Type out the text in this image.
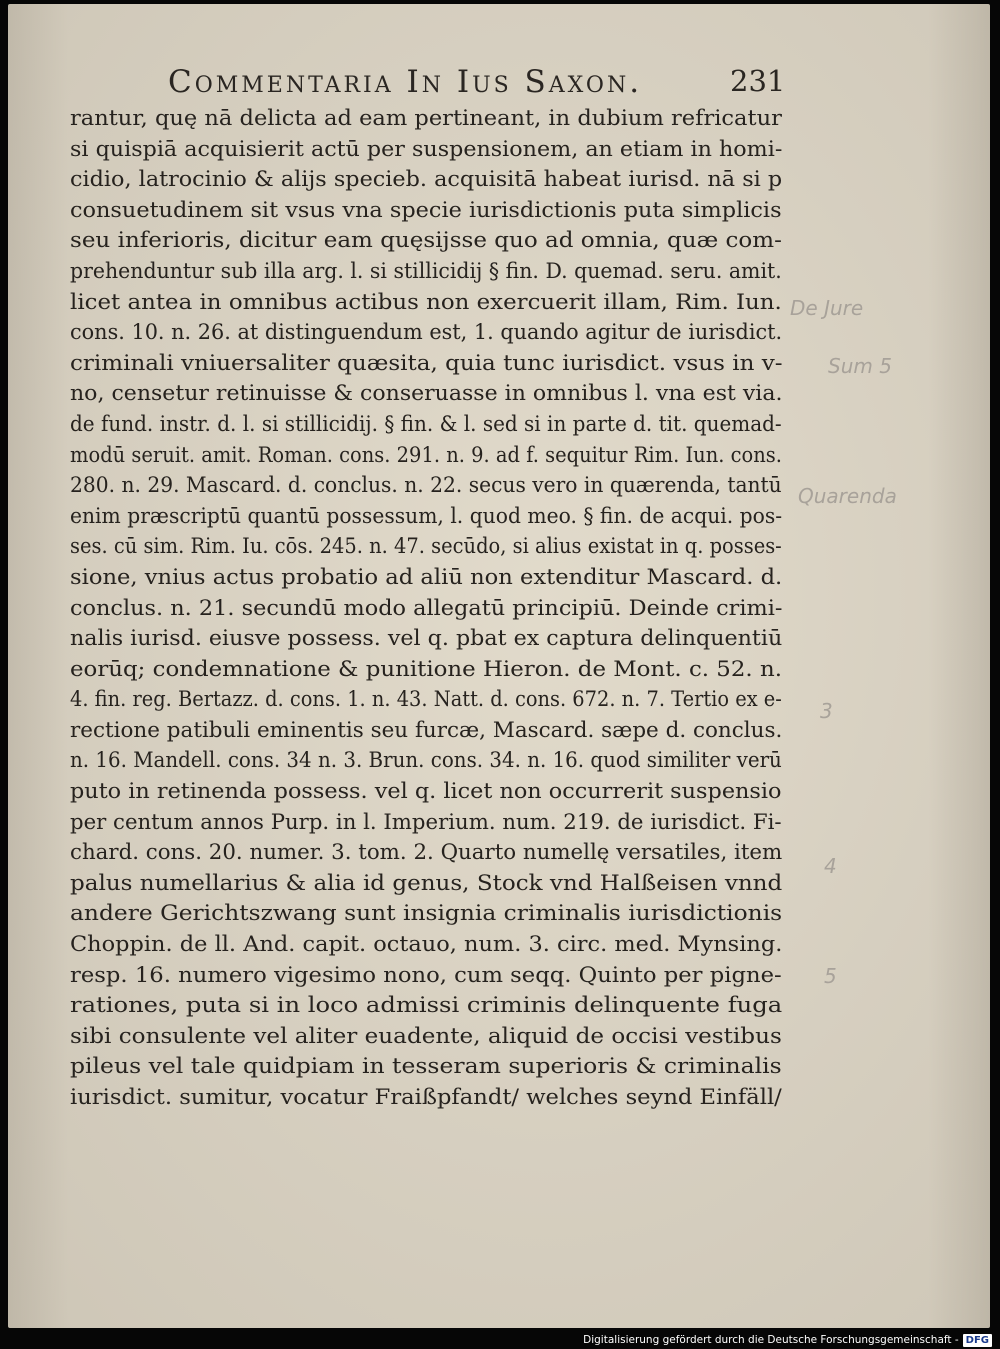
Commentaria In Ius Saxon.	231
rantur, quę nā delicta ad eam pertineant, in dubium refricatur
si quispiā acquisierit actū per suspensionem, an etiam in homi-
cidio, latrocinio & alijs specieb. acquisitā habeat iurisd. nā si p
consuetudinem sit vsus vna specie iurisdictionis puta simplicis
seu inferioris, dicitur eam quęsijsse quo ad omnia, quæ com-
prehenduntur sub illa arg. l. si stillicidij § fin. D. quemad. seru. amit.
licet antea in omnibus actibus non exercuerit illam, Rim. Iun.
cons. 10. n. 26. at distinguendum est, 1. quando agitur de iurisdict.
criminali vniuersaliter quæsita, quia tunc iurisdict. vsus in v-
no, censetur retinuisse & conseruasse in omnibus l. vna est via.
de fund. instr. d. l. si stillicidij. § fin. & l. sed si in parte d. tit. quemad-
modū seruit. amit. Roman. cons. 291. n. 9. ad f. sequitur Rim. Iun. cons.
280. n. 29. Mascard. d. conclus. n. 22. secus vero in quærenda, tantū
enim præscriptū quantū possessum, l. quod meo. § fin. de acqui. pos-
ses. cū sim. Rim. Iu. cōs. 245. n. 47. secūdo, si alius existat in q. posses-
sione, vnius actus probatio ad aliū non extenditur Mascard. d.
conclus. n. 21. secundū modo allegatū principiū. Deinde crimi-
nalis iurisd. eiusve possess. vel q. pbat ex captura delinquentiū
eorūq; condemnatione & punitione Hieron. de Mont. c. 52. n.
4. fin. reg. Bertazz. d. cons. 1. n. 43. Natt. d. cons. 672. n. 7. Tertio ex e-
rectione patibuli eminentis seu furcæ, Mascard. sæpe d. conclus.
n. 16. Mandell. cons. 34 n. 3. Brun. cons. 34. n. 16. quod similiter verū
puto in retinenda possess. vel q. licet non occurrerit suspensio
per centum annos Purp. in l. Imperium. num. 219. de iurisdict. Fi-
chard. cons. 20. numer. 3. tom. 2. Quarto numellę versatiles, item
palus numellarius & alia id genus, Stock vnd Halßeisen vnnd
andere Gerichtszwang sunt insignia criminalis iurisdictionis
Choppin. de ll. And. capit. octauo, num. 3. circ. med. Mynsing.
resp. 16. numero vigesimo nono, cum seqq. Quinto per pigne-
rationes, puta si in loco admissi criminis delinquente fuga
sibi consulente vel aliter euadente, aliquid de occisi vestibus
pileus vel tale quidpiam in tesseram superioris & criminalis
iurisdict. sumitur, vocatur Fraißpfandt/ welches seynd Einfäll/
De Jure
Sum 5
Quarenda
3
4
5
Digitalisierung gefördert durch die Deutsche Forschungsgemeinschaft - DFG
